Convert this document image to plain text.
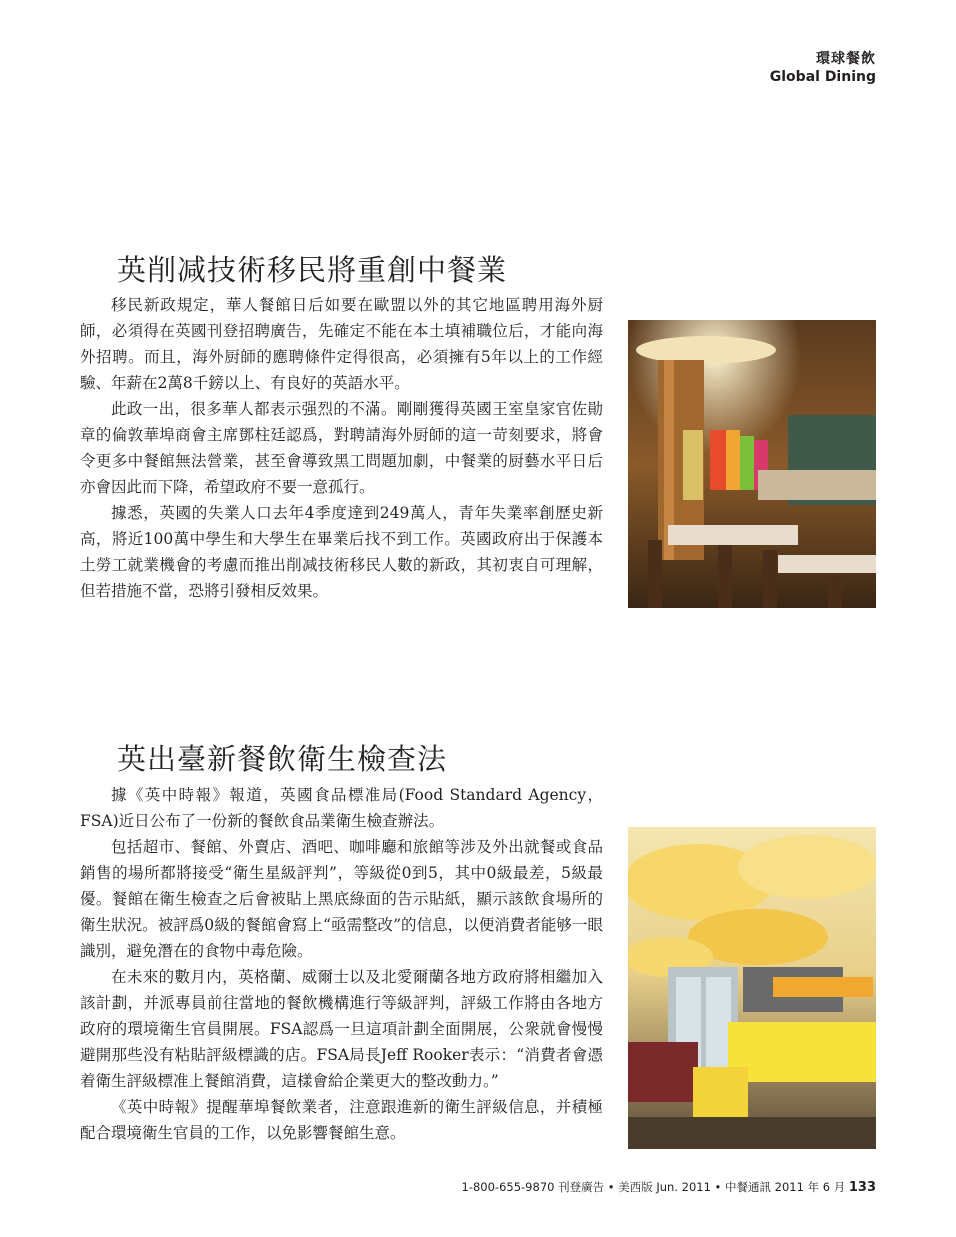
環球餐飲
Global Dining
英削减技術移民將重創中餐業

移民新政規定，華人餐館日后如要在歐盟以外的其它地區聘用海外厨師，必須得在英國刊登招聘廣告，先確定不能在本土填補職位后，才能向海外招聘。而且，海外厨師的應聘條件定得很高，必須擁有5年以上的工作經驗、年薪在2萬8千鎊以上、有良好的英語水平。

此政一出，很多華人都表示强烈的不滿。剛剛獲得英國王室皇家官佐勛章的倫敦華埠商會主席鄧柱廷認爲，對聘請海外厨師的這一苛刻要求，將會令更多中餐館無法營業，甚至會導致黑工問題加劇，中餐業的厨藝水平日后亦會因此而下降，希望政府不要一意孤行。

據悉，英國的失業人口去年4季度達到249萬人，青年失業率創歷史新高，將近100萬中學生和大學生在畢業后找不到工作。英國政府出于保護本土勞工就業機會的考慮而推出削减技術移民人數的新政，其初衷自可理解，但若措施不當，恐將引發相反效果。

英出臺新餐飲衛生檢查法

據《英中時報》報道，英國食品標准局(Food Standard Agency，FSA)近日公布了一份新的餐飲食品業衛生檢查辦法。

包括超市、餐館、外賣店、酒吧、咖啡廳和旅館等涉及外出就餐或食品銷售的場所都將接受“衛生星級評判”，等級從0到5，其中0級最差，5級最優。餐館在衛生檢查之后會被貼上黑底綠面的告示貼紙，顯示該飲食場所的衛生狀況。被評爲0級的餐館會寫上“亟需整改”的信息，以便消費者能够一眼識別，避免潛在的食物中毒危險。

在未來的數月内，英格蘭、威爾士以及北愛爾蘭各地方政府將相繼加入該計劃，并派專員前往當地的餐飲機構進行等級評判，評級工作將由各地方政府的環境衛生官員開展。FSA認爲一旦這項計劃全面開展，公衆就會慢慢避開那些没有粘貼評級標識的店。FSA局長Jeff Rooker表示：“消費者會憑着衛生評級標准上餐館消費，這樣會給企業更大的整改動力。”

《英中時報》提醒華埠餐飲業者，注意跟進新的衛生評級信息，并積極配合環境衛生官員的工作，以免影響餐館生意。

1-800-655-9870 刊登廣告 • 美西版 Jun. 2011 • 中餐通訊 2011 年 6 月 133
